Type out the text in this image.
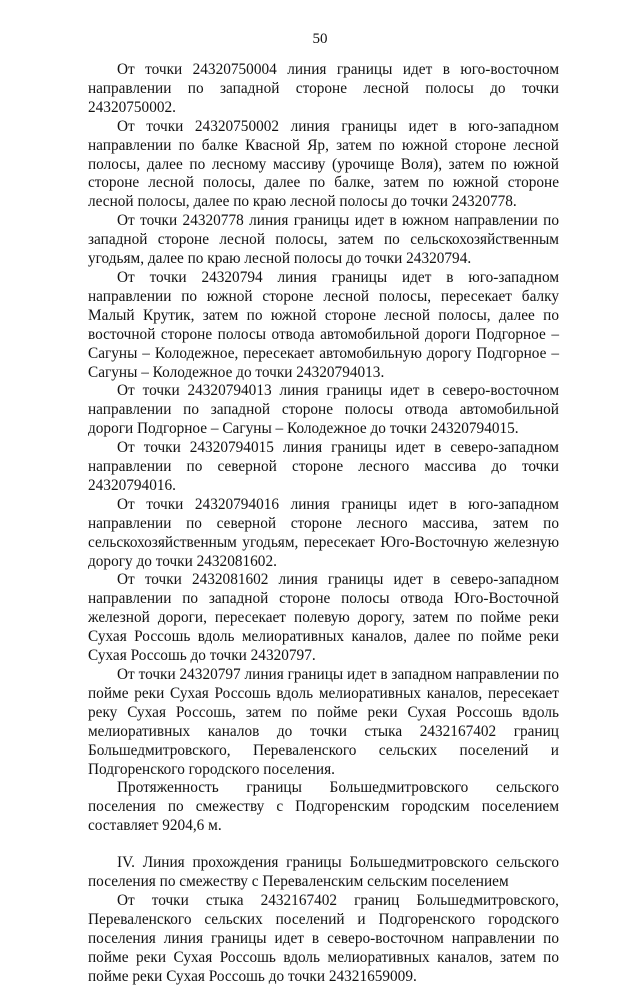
50

От точки 24320750004 линия границы идет в юго-восточном направлении по западной стороне лесной полосы до точки 24320750002.

От точки 24320750002 линия границы идет в юго-западном направлении по балке Квасной Яр, затем по южной стороне лесной полосы, далее по лесному массиву (урочище Воля), затем по южной стороне лесной полосы, далее по балке, затем по южной стороне лесной полосы, далее по краю лесной полосы до точки 24320778.

От точки 24320778 линия границы идет в южном направлении по западной стороне лесной полосы, затем по сельскохозяйственным угодьям, далее по краю лесной полосы до точки 24320794.

От точки 24320794 линия границы идет в юго-западном направлении по южной стороне лесной полосы, пересекает балку Малый Крутик, затем по южной стороне лесной полосы, далее по восточной стороне полосы отвода автомобильной дороги Подгорное – Сагуны – Колодежное, пересекает автомобильную дорогу Подгорное – Сагуны – Колодежное до точки 24320794013.

От точки 24320794013 линия границы идет в северо-восточном направлении по западной стороне полосы отвода автомобильной дороги Подгорное – Сагуны – Колодежное до точки 24320794015.

От точки 24320794015 линия границы идет в северо-западном направлении по северной стороне лесного массива до точки 24320794016.

От точки 24320794016 линия границы идет в юго-западном направлении по северной стороне лесного массива, затем по сельскохозяйственным угодьям, пересекает Юго-Восточную железную дорогу до точки 2432081602.

От точки 2432081602 линия границы идет в северо-западном направлении по западной стороне полосы отвода Юго-Восточной железной дороги, пересекает полевую дорогу, затем по пойме реки Сухая Россошь вдоль мелиоративных каналов, далее по пойме реки Сухая Россошь до точки 24320797.

От точки 24320797 линия границы идет в западном направлении по пойме реки Сухая Россошь вдоль мелиоративных каналов, пересекает реку Сухая Россошь, затем по пойме реки Сухая Россошь вдоль мелиоративных каналов до точки стыка 2432167402 границ Большедмитровского, Переваленского сельских поселений и Подгоренского городского поселения.

Протяженность границы Большедмитровского сельского поселения по смежеству с Подгоренским городским поселением составляет 9204,6 м.

IV. Линия прохождения границы Большедмитровского сельского поселения по смежеству с Переваленским сельским поселением

От точки стыка 2432167402 границ Большедмитровского, Переваленского сельских поселений и Подгоренского городского поселения линия границы идет в северо-восточном направлении по пойме реки Сухая Россошь вдоль мелиоративных каналов, затем по пойме реки Сухая Россошь до точки 24321659009.
